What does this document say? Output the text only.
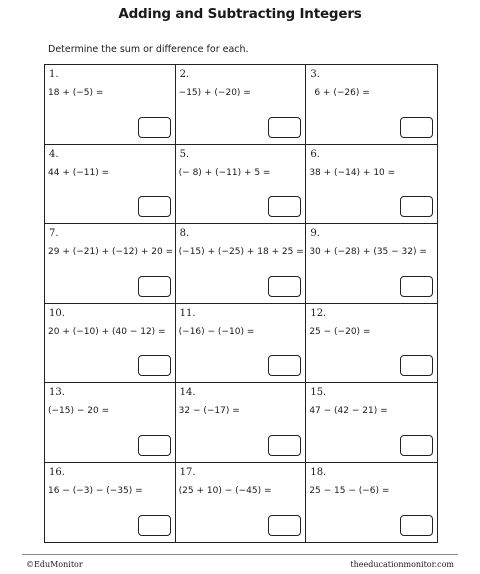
Adding and Subtracting Integers
Determine the sum or difference for each.
1.
18 + (−5) =
2.
−15) + (−20) =
3.
6 + (−26) =
4.
44 + (−11) =
5.
(− 8) + (−11) + 5 =
6.
38 + (−14) + 10 =
7.
29 + (−21) + (−12) + 20 =
8.
(−15) + (−25) + 18 + 25 =
9.
30 + (−28) + (35 − 32) =
10.
20 + (−10) + (40 − 12) =
11.
(−16) − (−10) =
12.
25 − (−20) =
13.
(−15) − 20 =
14.
32 − (−17) =
15.
47 − (42 − 21) =
16.
16 − (−3) − (−35) =
17.
(25 + 10) − (−45) =
18.
25 − 15 − (−6) =
©EduMonitor	theeducationmonitor.com
